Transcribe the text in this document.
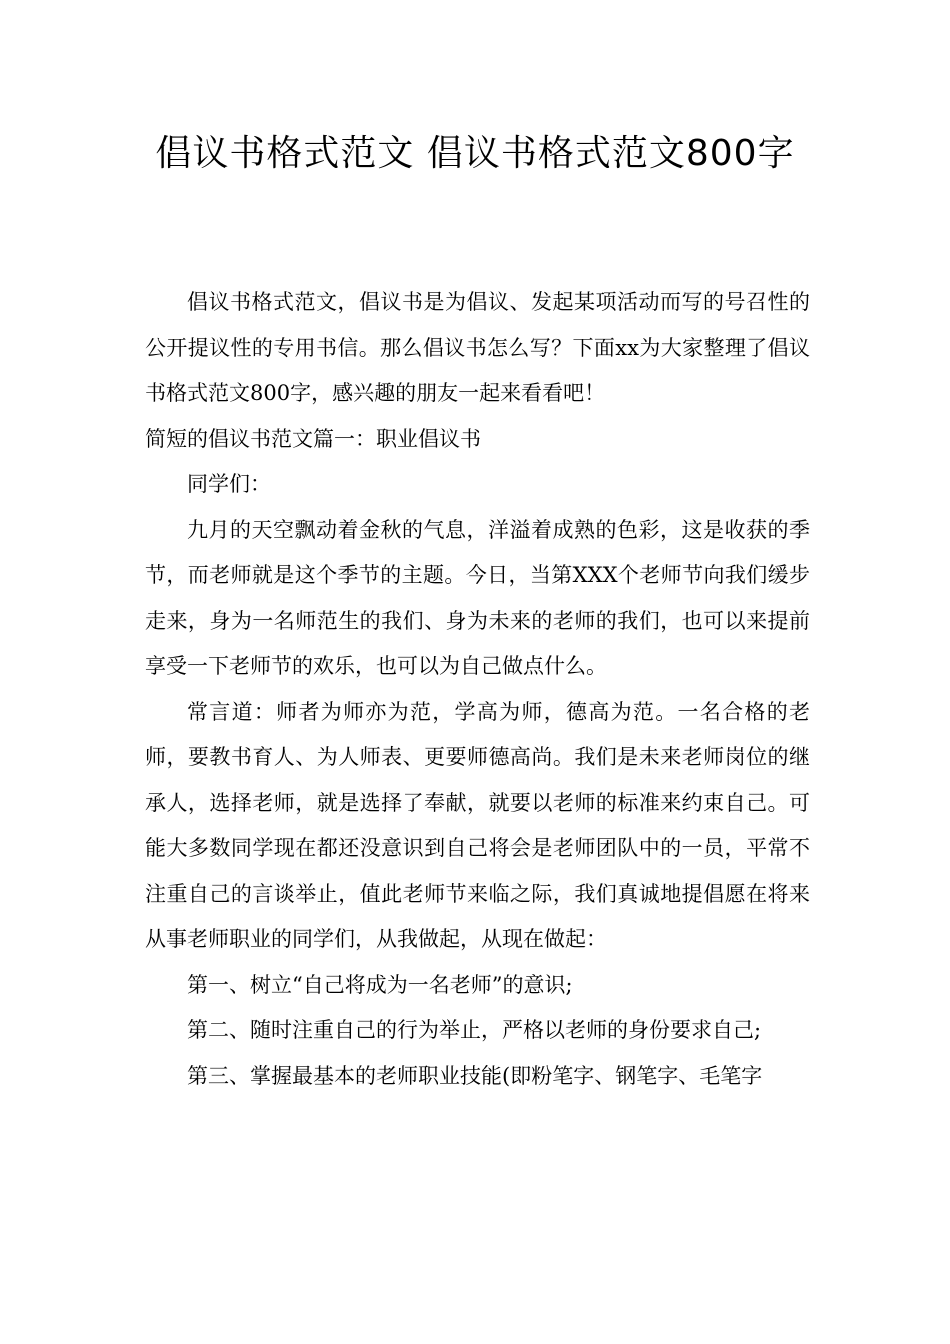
倡议书格式范文 倡议书格式范文800字

倡议书格式范文，倡议书是为倡议、发起某项活动而写的号召性的公开提议性的专用书信。那么倡议书怎么写？下面xx为大家整理了倡议书格式范文800字，感兴趣的朋友一起来看看吧！

简短的倡议书范文篇一：职业倡议书

同学们：

九月的天空飘动着金秋的气息，洋溢着成熟的色彩，这是收获的季节，而老师就是这个季节的主题。今日，当第XXX个老师节向我们缓步走来，身为一名师范生的我们、身为未来的老师的我们，也可以来提前享受一下老师节的欢乐，也可以为自己做点什么。

常言道：师者为师亦为范，学高为师，德高为范。一名合格的老师，要教书育人、为人师表、更要师德高尚。我们是未来老师岗位的继承人，选择老师，就是选择了奉献，就要以老师的标准来约束自己。可能大多数同学现在都还没意识到自己将会是老师团队中的一员，平常不注重自己的言谈举止，值此老师节来临之际，我们真诚地提倡愿在将来从事老师职业的同学们，从我做起，从现在做起：

第一、树立“自己将成为一名老师”的意识;

第二、随时注重自己的行为举止，严格以老师的身份要求自己;

第三、掌握最基本的老师职业技能(即粉笔字、钢笔字、毛笔字
